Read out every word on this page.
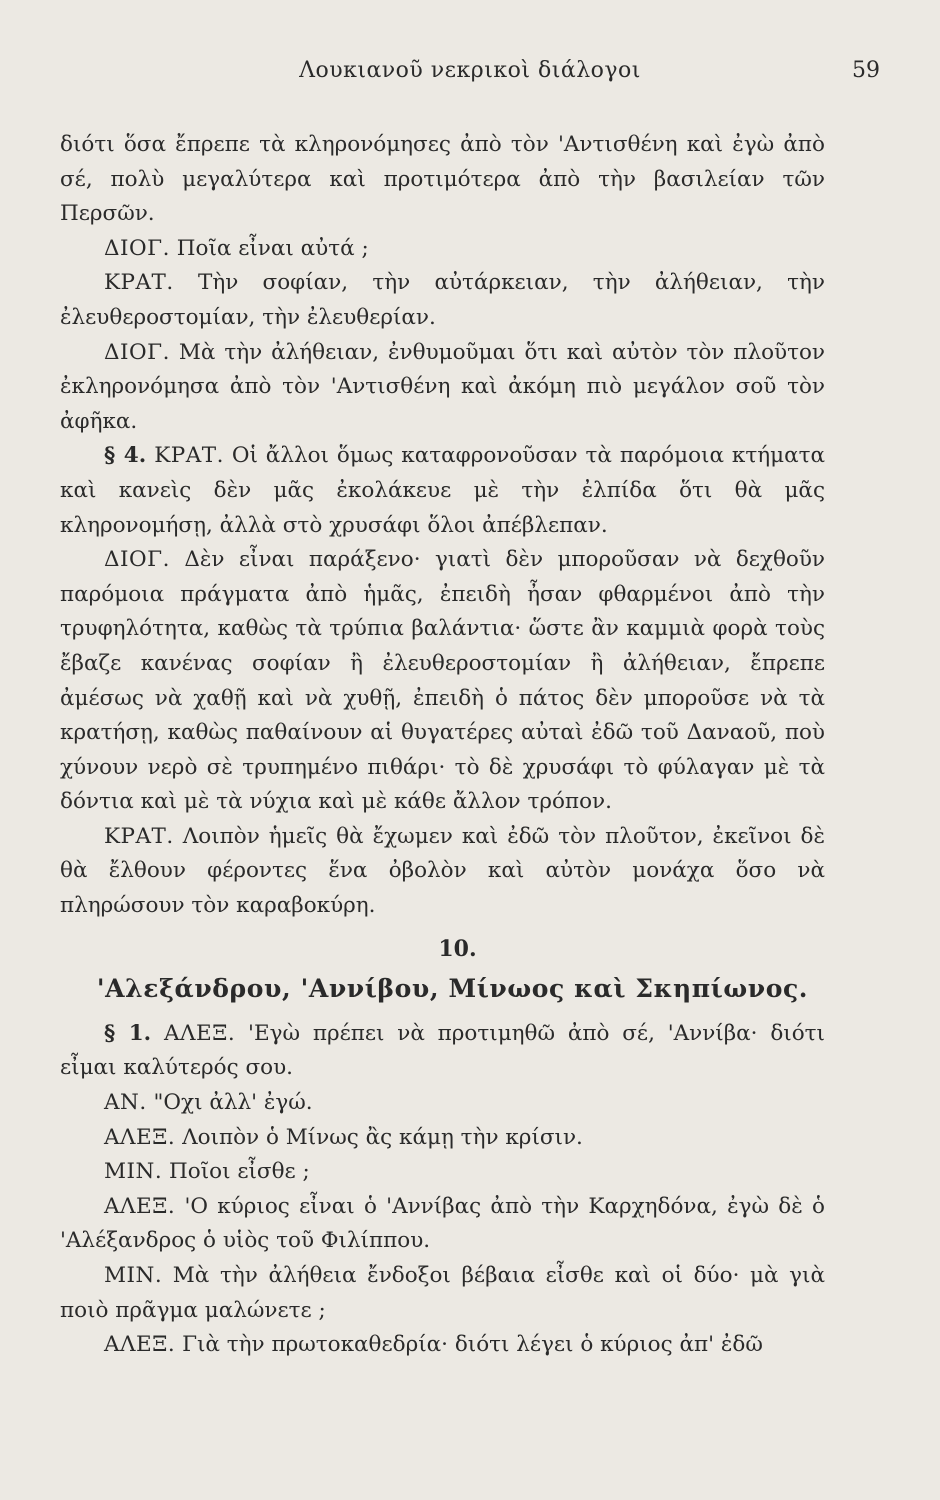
Λουκιανοῦ νεκρικοὶ διάλογοι	59

διότι ὅσα ἔπρεπε τὰ κληρονόμησες ἀπὸ τὸν 'Αντισθένη καὶ ἐγὼ ἀπὸ σέ, πολὺ μεγαλύτερα καὶ προτιμότερα ἀπὸ τὴν βασιλείαν τῶν Περσῶν.

ΔΙΟΓ. Ποῖα εἶναι αὐτά ;

ΚΡΑΤ. Τὴν σοφίαν, τὴν αὐτάρκειαν, τὴν ἀλήθειαν, τὴν ἐλευθεροστομίαν, τὴν ἐλευθερίαν.

ΔΙΟΓ. Μὰ τὴν ἀλήθειαν, ἐνθυμοῦμαι ὅτι καὶ αὐτὸν τὸν πλοῦτον ἐκληρονόμησα ἀπὸ τὸν 'Αντισθένη καὶ ἀκόμη πιὸ μεγάλον σοῦ τὸν ἀφῆκα.

§ 4. ΚΡΑΤ. Οἱ ἄλλοι ὅμως καταφρονοῦσαν τὰ παρόμοια κτήματα καὶ κανεὶς δὲν μᾶς ἐκολάκευε μὲ τὴν ἐλπίδα ὅτι θὰ μᾶς κληρονομήσῃ, ἀλλὰ στὸ χρυσάφι ὅλοι ἀπέβλεπαν.

ΔΙΟΓ. Δὲν εἶναι παράξενο· γιατὶ δὲν μποροῦσαν νὰ δεχθοῦν παρόμοια πράγματα ἀπὸ ἡμᾶς, ἐπειδὴ ἦσαν φθαρμένοι ἀπὸ τὴν τρυφηλότητα, καθὼς τὰ τρύπια βαλάντια· ὥστε ἂν καμμιὰ φορὰ τοὺς ἔβαζε κανένας σοφίαν ἢ ἐλευθεροστομίαν ἢ ἀλήθειαν, ἔπρεπε ἀμέσως νὰ χαθῇ καὶ νὰ χυθῇ, ἐπειδὴ ὁ πάτος δὲν μποροῦσε νὰ τὰ κρατήσῃ, καθὼς παθαίνουν αἱ θυγατέρες αὐταὶ ἐδῶ τοῦ Δαναοῦ, ποὺ χύνουν νερὸ σὲ τρυπημένο πιθάρι· τὸ δὲ χρυσάφι τὸ φύλαγαν μὲ τὰ δόντια καὶ μὲ τὰ νύχια καὶ μὲ κάθε ἄλλον τρόπον.

ΚΡΑΤ. Λοιπὸν ἡμεῖς θὰ ἔχωμεν καὶ ἐδῶ τὸν πλοῦτον, ἐκεῖνοι δὲ θὰ ἔλθουν φέροντες ἕνα ὀβολὸν καὶ αὐτὸν μονάχα ὅσο νὰ πληρώσουν τὸν καραβοκύρη.

10.
'Αλεξάνδρου, 'Αννίβου, Μίνωος καὶ Σκηπίωνος.

§ 1. ΑΛΕΞ. 'Εγὼ πρέπει νὰ προτιμηθῶ ἀπὸ σέ, 'Αννίβα· διότι εἶμαι καλύτερός σου.

ΑΝ. "Οχι ἀλλ' ἐγώ.

ΑΛΕΞ. Λοιπὸν ὁ Μίνως ἂς κάμῃ τὴν κρίσιν.

ΜΙΝ. Ποῖοι εἶσθε ;

ΑΛΕΞ. 'Ο κύριος εἶναι ὁ 'Αννίβας ἀπὸ τὴν Καρχηδόνα, ἐγὼ δὲ ὁ 'Αλέξανδρος ὁ υἱὸς τοῦ Φιλίππου.

ΜΙΝ. Μὰ τὴν ἀλήθεια ἔνδοξοι βέβαια εἶσθε καὶ οἱ δύο· μὰ γιὰ ποιὸ πρᾶγμα μαλώνετε ;

ΑΛΕΞ. Γιὰ τὴν πρωτοκαθεδρία· διότι λέγει ὁ κύριος ἀπ' ἐδῶ
